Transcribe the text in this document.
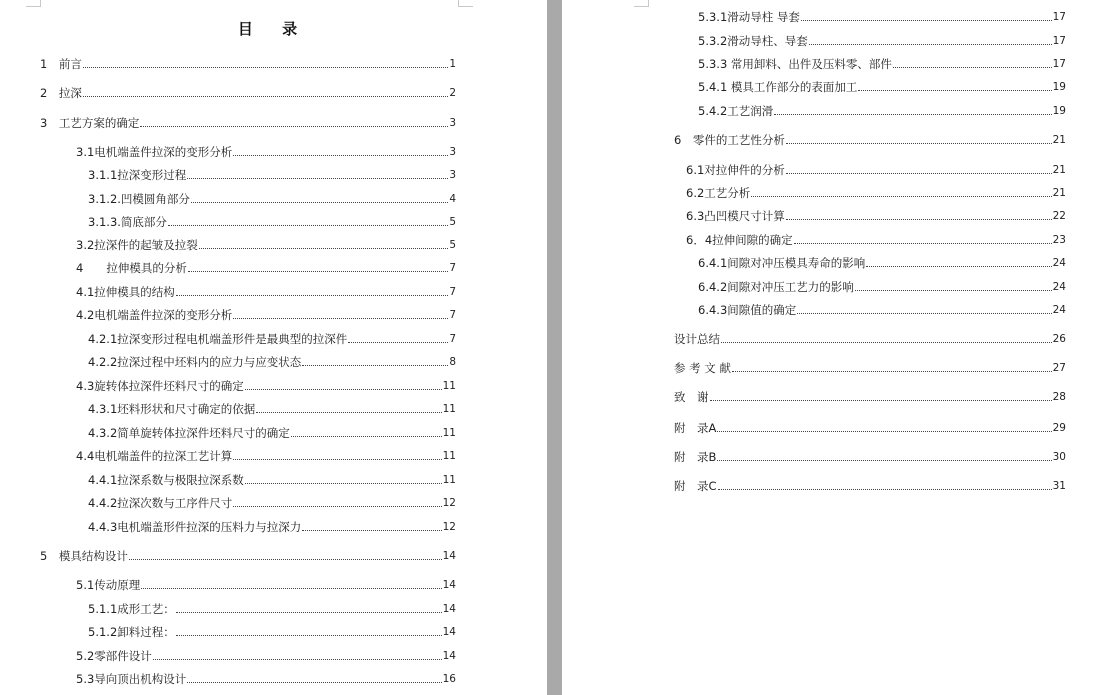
目 录
1　前言	1
2　拉深	2
3　工艺方案的确定	3
3.1电机端盖件拉深的变形分析	3
3.1.1拉深变形过程	3
3.1.2.凹模圆角部分	4
3.1.3.简底部分	5
3.2拉深件的起皱及拉裂	5
4　　拉伸模具的分析	7
4.1拉伸模具的结构	7
4.2电机端盖件拉深的变形分析	7
4.2.1拉深变形过程电机端盖形件是最典型的拉深件	7
4.2.2拉深过程中坯料内的应力与应变状态	8
4.3旋转体拉深件坯料尺寸的确定	11
4.3.1坯料形状和尺寸确定的依据	11
4.3.2简单旋转体拉深件坯料尺寸的确定	11
4.4电机端盖件的拉深工艺计算	11
4.4.1拉深系数与极限拉深系数	11
4.4.2拉深次数与工序件尺寸	12
4.4.3电机端盖形件拉深的压料力与拉深力	12
5　模具结构设计	14
5.1传动原理	14
5.1.1成形工艺：	14
5.1.2卸料过程：	14
5.2零部件设计	14
5.3导向顶出机构设计	16
5.3.1滑动导柱 导套	17
5.3.2滑动导柱、导套	17
5.3.3 常用卸料、出件及压料零、部件	17
5.4.1 模具工作部分的表面加工	19
5.4.2工艺润滑	19
6　零件的工艺性分析	21
6.1对拉伸件的分析	21
6.2工艺分析	21
6.3凸凹模尺寸计算	22
6．4拉伸间隙的确定	23
6.4.1间隙对冲压模具寿命的影响	24
6.4.2间隙对冲压工艺力的影响	24
6.4.3间隙值的确定	24
设计总结	26
参 考 文 献	27
致　谢	28
附　录A	29
附　录B	30
附　录C	31
